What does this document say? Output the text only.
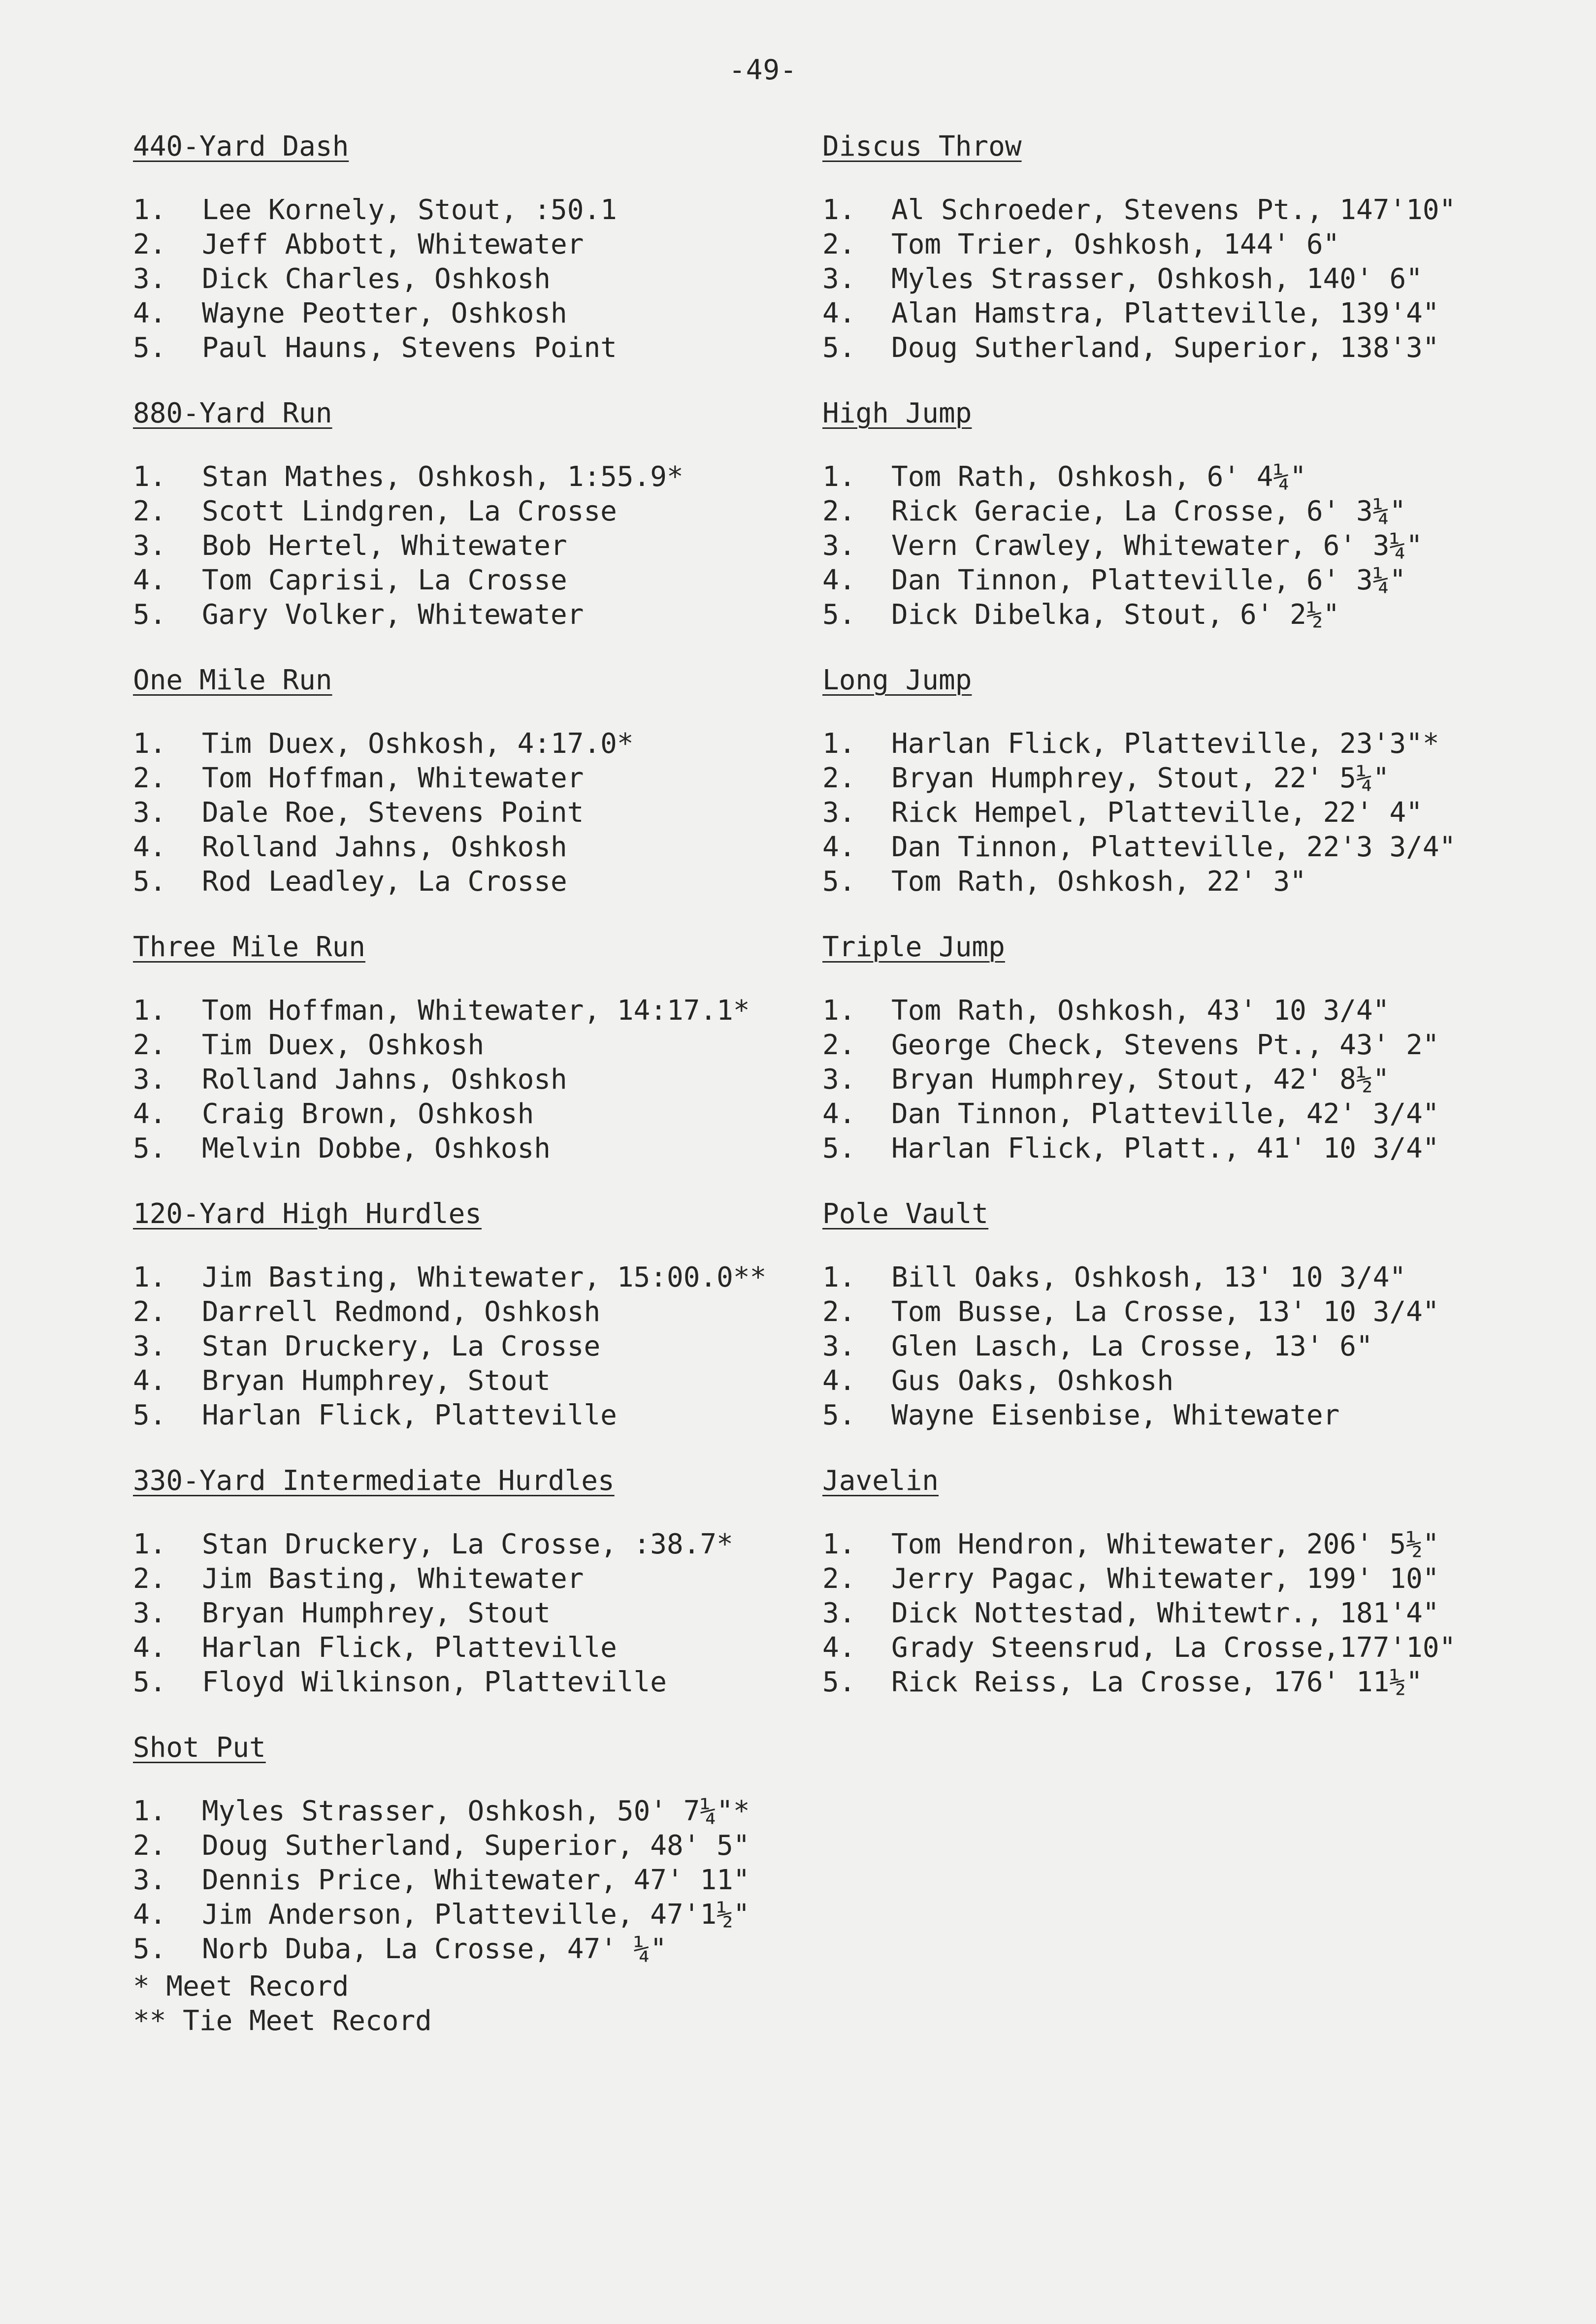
-49-
440-Yard Dash
1.	Lee Kornely, Stout, :50.1
2.	Jeff Abbott, Whitewater
3.	Dick Charles, Oshkosh
4.	Wayne Peotter, Oshkosh
5.	Paul Hauns, Stevens Point
880-Yard Run
1.	Stan Mathes, Oshkosh, 1:55.9*
2.	Scott Lindgren, La Crosse
3.	Bob Hertel, Whitewater
4.	Tom Caprisi, La Crosse
5.	Gary Volker, Whitewater
One Mile Run
1.	Tim Duex, Oshkosh, 4:17.0*
2.	Tom Hoffman, Whitewater
3.	Dale Roe, Stevens Point
4.	Rolland Jahns, Oshkosh
5.	Rod Leadley, La Crosse
Three Mile Run
1.	Tom Hoffman, Whitewater, 14:17.1*
2.	Tim Duex, Oshkosh
3.	Rolland Jahns, Oshkosh
4.	Craig Brown, Oshkosh
5.	Melvin Dobbe, Oshkosh
120-Yard High Hurdles
1.	Jim Basting, Whitewater, 15:00.0**
2.	Darrell Redmond, Oshkosh
3.	Stan Druckery, La Crosse
4.	Bryan Humphrey, Stout
5.	Harlan Flick, Platteville
330-Yard Intermediate Hurdles
1.	Stan Druckery, La Crosse, :38.7*
2.	Jim Basting, Whitewater
3.	Bryan Humphrey, Stout
4.	Harlan Flick, Platteville
5.	Floyd Wilkinson, Platteville
Shot Put
1.	Myles Strasser, Oshkosh, 50' 7¼"*
2.	Doug Sutherland, Superior, 48' 5"
3.	Dennis Price, Whitewater, 47' 11"
4.	Jim Anderson, Platteville, 47'1½"
5.	Norb Duba, La Crosse, 47' ¼"
* Meet Record
** Tie Meet Record
Discus Throw
1.	Al Schroeder, Stevens Pt., 147'10"
2.	Tom Trier, Oshkosh, 144' 6"
3.	Myles Strasser, Oshkosh, 140' 6"
4.	Alan Hamstra, Platteville, 139'4"
5.	Doug Sutherland, Superior, 138'3"
High Jump
1.	Tom Rath, Oshkosh, 6' 4¼"
2.	Rick Geracie, La Crosse, 6' 3¼"
3.	Vern Crawley, Whitewater, 6' 3¼"
4.	Dan Tinnon, Platteville, 6' 3¼"
5.	Dick Dibelka, Stout, 6' 2½"
Long Jump
1.	Harlan Flick, Platteville, 23'3"*
2.	Bryan Humphrey, Stout, 22' 5¼"
3.	Rick Hempel, Platteville, 22' 4"
4.	Dan Tinnon, Platteville, 22'3 3/4"
5.	Tom Rath, Oshkosh, 22' 3"
Triple Jump
1.	Tom Rath, Oshkosh, 43' 10 3/4"
2.	George Check, Stevens Pt., 43' 2"
3.	Bryan Humphrey, Stout, 42' 8½"
4.	Dan Tinnon, Platteville, 42' 3/4"
5.	Harlan Flick, Platt., 41' 10 3/4"
Pole Vault
1.	Bill Oaks, Oshkosh, 13' 10 3/4"
2.	Tom Busse, La Crosse, 13' 10 3/4"
3.	Glen Lasch, La Crosse, 13' 6"
4.	Gus Oaks, Oshkosh
5.	Wayne Eisenbise, Whitewater
Javelin
1.	Tom Hendron, Whitewater, 206' 5½"
2.	Jerry Pagac, Whitewater, 199' 10"
3.	Dick Nottestad, Whitewtr., 181'4"
4.	Grady Steensrud, La Crosse,177'10"
5.	Rick Reiss, La Crosse, 176' 11½"
